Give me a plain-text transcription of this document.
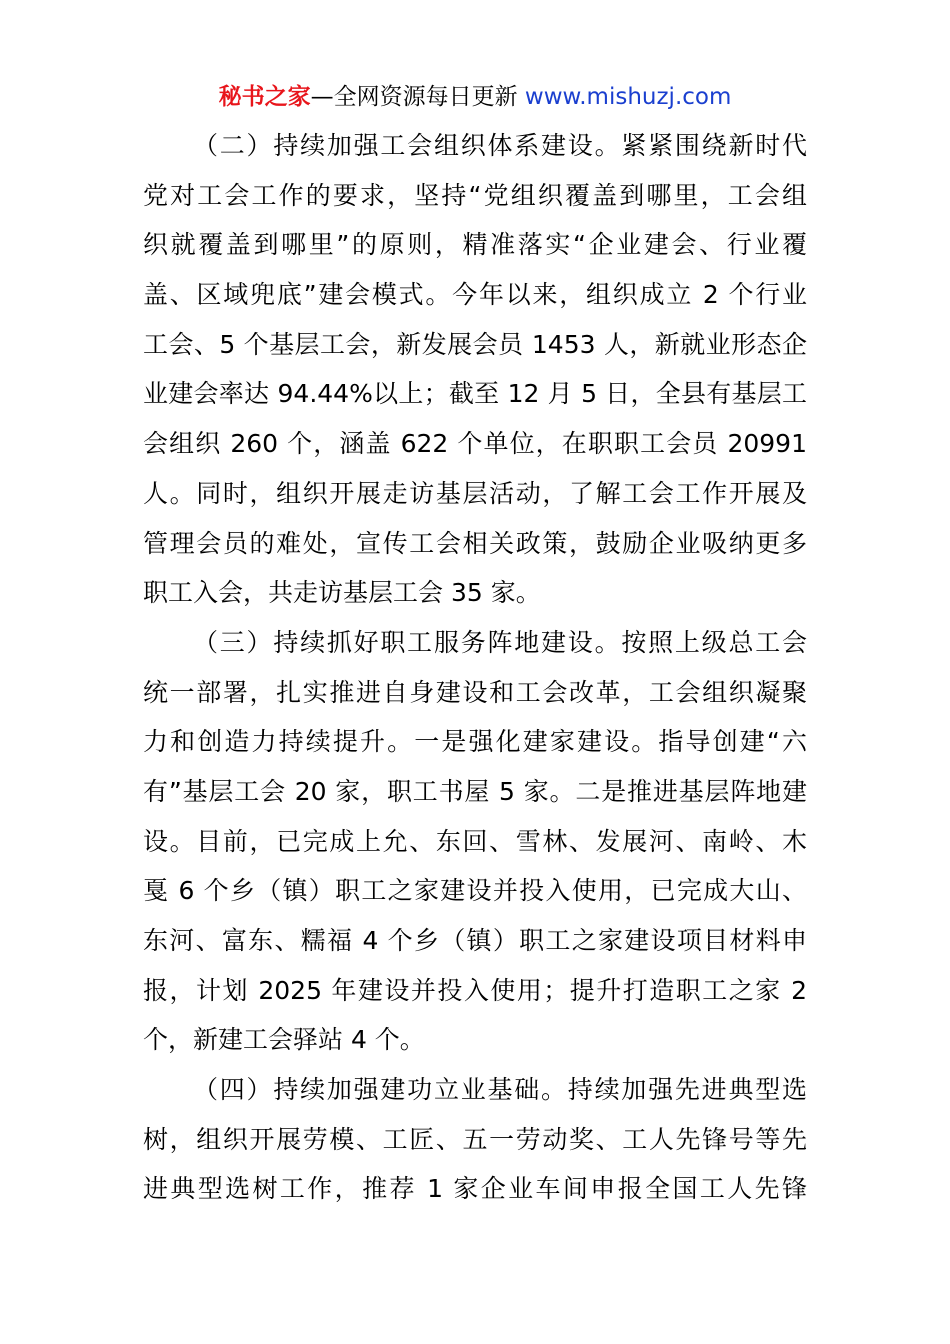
秘书之家—全网资源每日更新 www.mishuzj.com
（二）持续加强工会组织体系建设。紧紧围绕新时代
党对工会工作的要求，坚持“党组织覆盖到哪里，工会组
织就覆盖到哪里”的原则，精准落实“企业建会、行业覆
盖、区域兜底”建会模式。今年以来，组织成立 2 个行业
工会、5 个基层工会，新发展会员 1453 人，新就业形态企
业建会率达 94.44%以上；截至 12 月 5 日，全县有基层工
会组织 260 个，涵盖 622 个单位，在职职工会员 20991
人。同时，组织开展走访基层活动，了解工会工作开展及
管理会员的难处，宣传工会相关政策，鼓励企业吸纳更多
职工入会，共走访基层工会 35 家。
（三）持续抓好职工服务阵地建设。按照上级总工会
统一部署，扎实推进自身建设和工会改革，工会组织凝聚
力和创造力持续提升。一是强化建家建设。指导创建“六
有”基层工会 20 家，职工书屋 5 家。二是推进基层阵地建
设。目前，已完成上允、东回、雪林、发展河、南岭、木
戛 6 个乡（镇）职工之家建设并投入使用，已完成大山、
东河、富东、糯福 4 个乡（镇）职工之家建设项目材料申
报，计划 2025 年建设并投入使用；提升打造职工之家 2
个，新建工会驿站 4 个。
（四）持续加强建功立业基础。持续加强先进典型选
树，组织开展劳模、工匠、五一劳动奖、工人先锋号等先
进典型选树工作，推荐 1 家企业车间申报全国工人先锋
